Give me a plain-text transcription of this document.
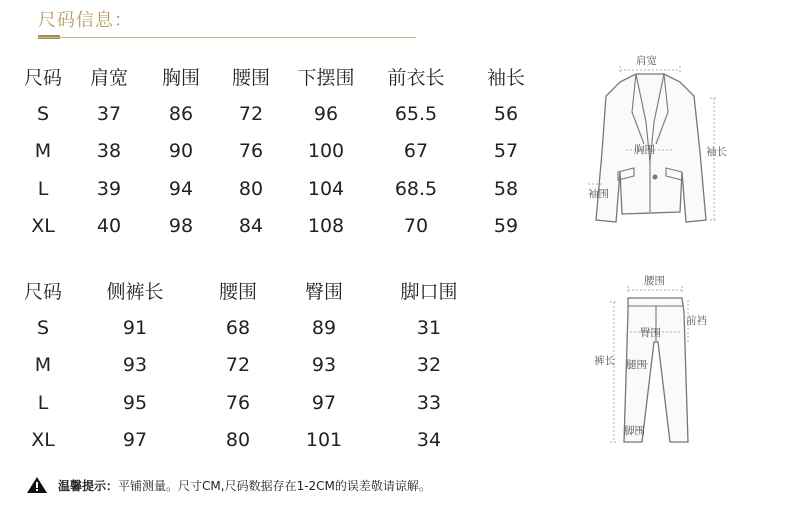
尺码信息：
尺码	肩宽	胸围	腰围	下摆围	前衣长	袖长
S	37	86	72	96	65.5	56
M	38	90	76	100	67	57
L	39	94	80	104	68.5	58
XL	40	98	84	108	70	59
尺码	侧裤长	腰围	臀围	脚口围
S	91	68	89	31
M	93	72	93	32
L	95	76	97	33
XL	97	80	101	34
肩宽
胸围	袖长
袖围
腰围
前裆
臀围
裤长 腿围
脚围
温馨提示： 平铺测量。尺寸CM,尺码数据存在1-2CM的误差敬请谅解。
